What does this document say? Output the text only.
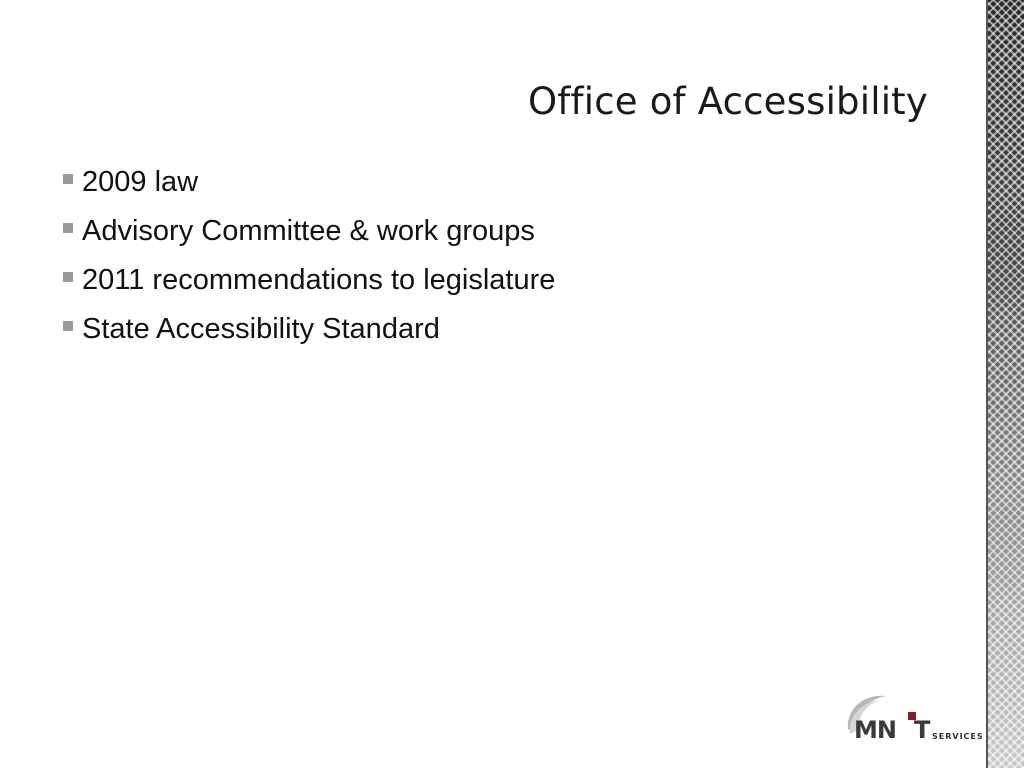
Office of Accessibility
2009 law
Advisory Committee & work groups
2011 recommendations to legislature
State Accessibility Standard
MN T SERVICES
